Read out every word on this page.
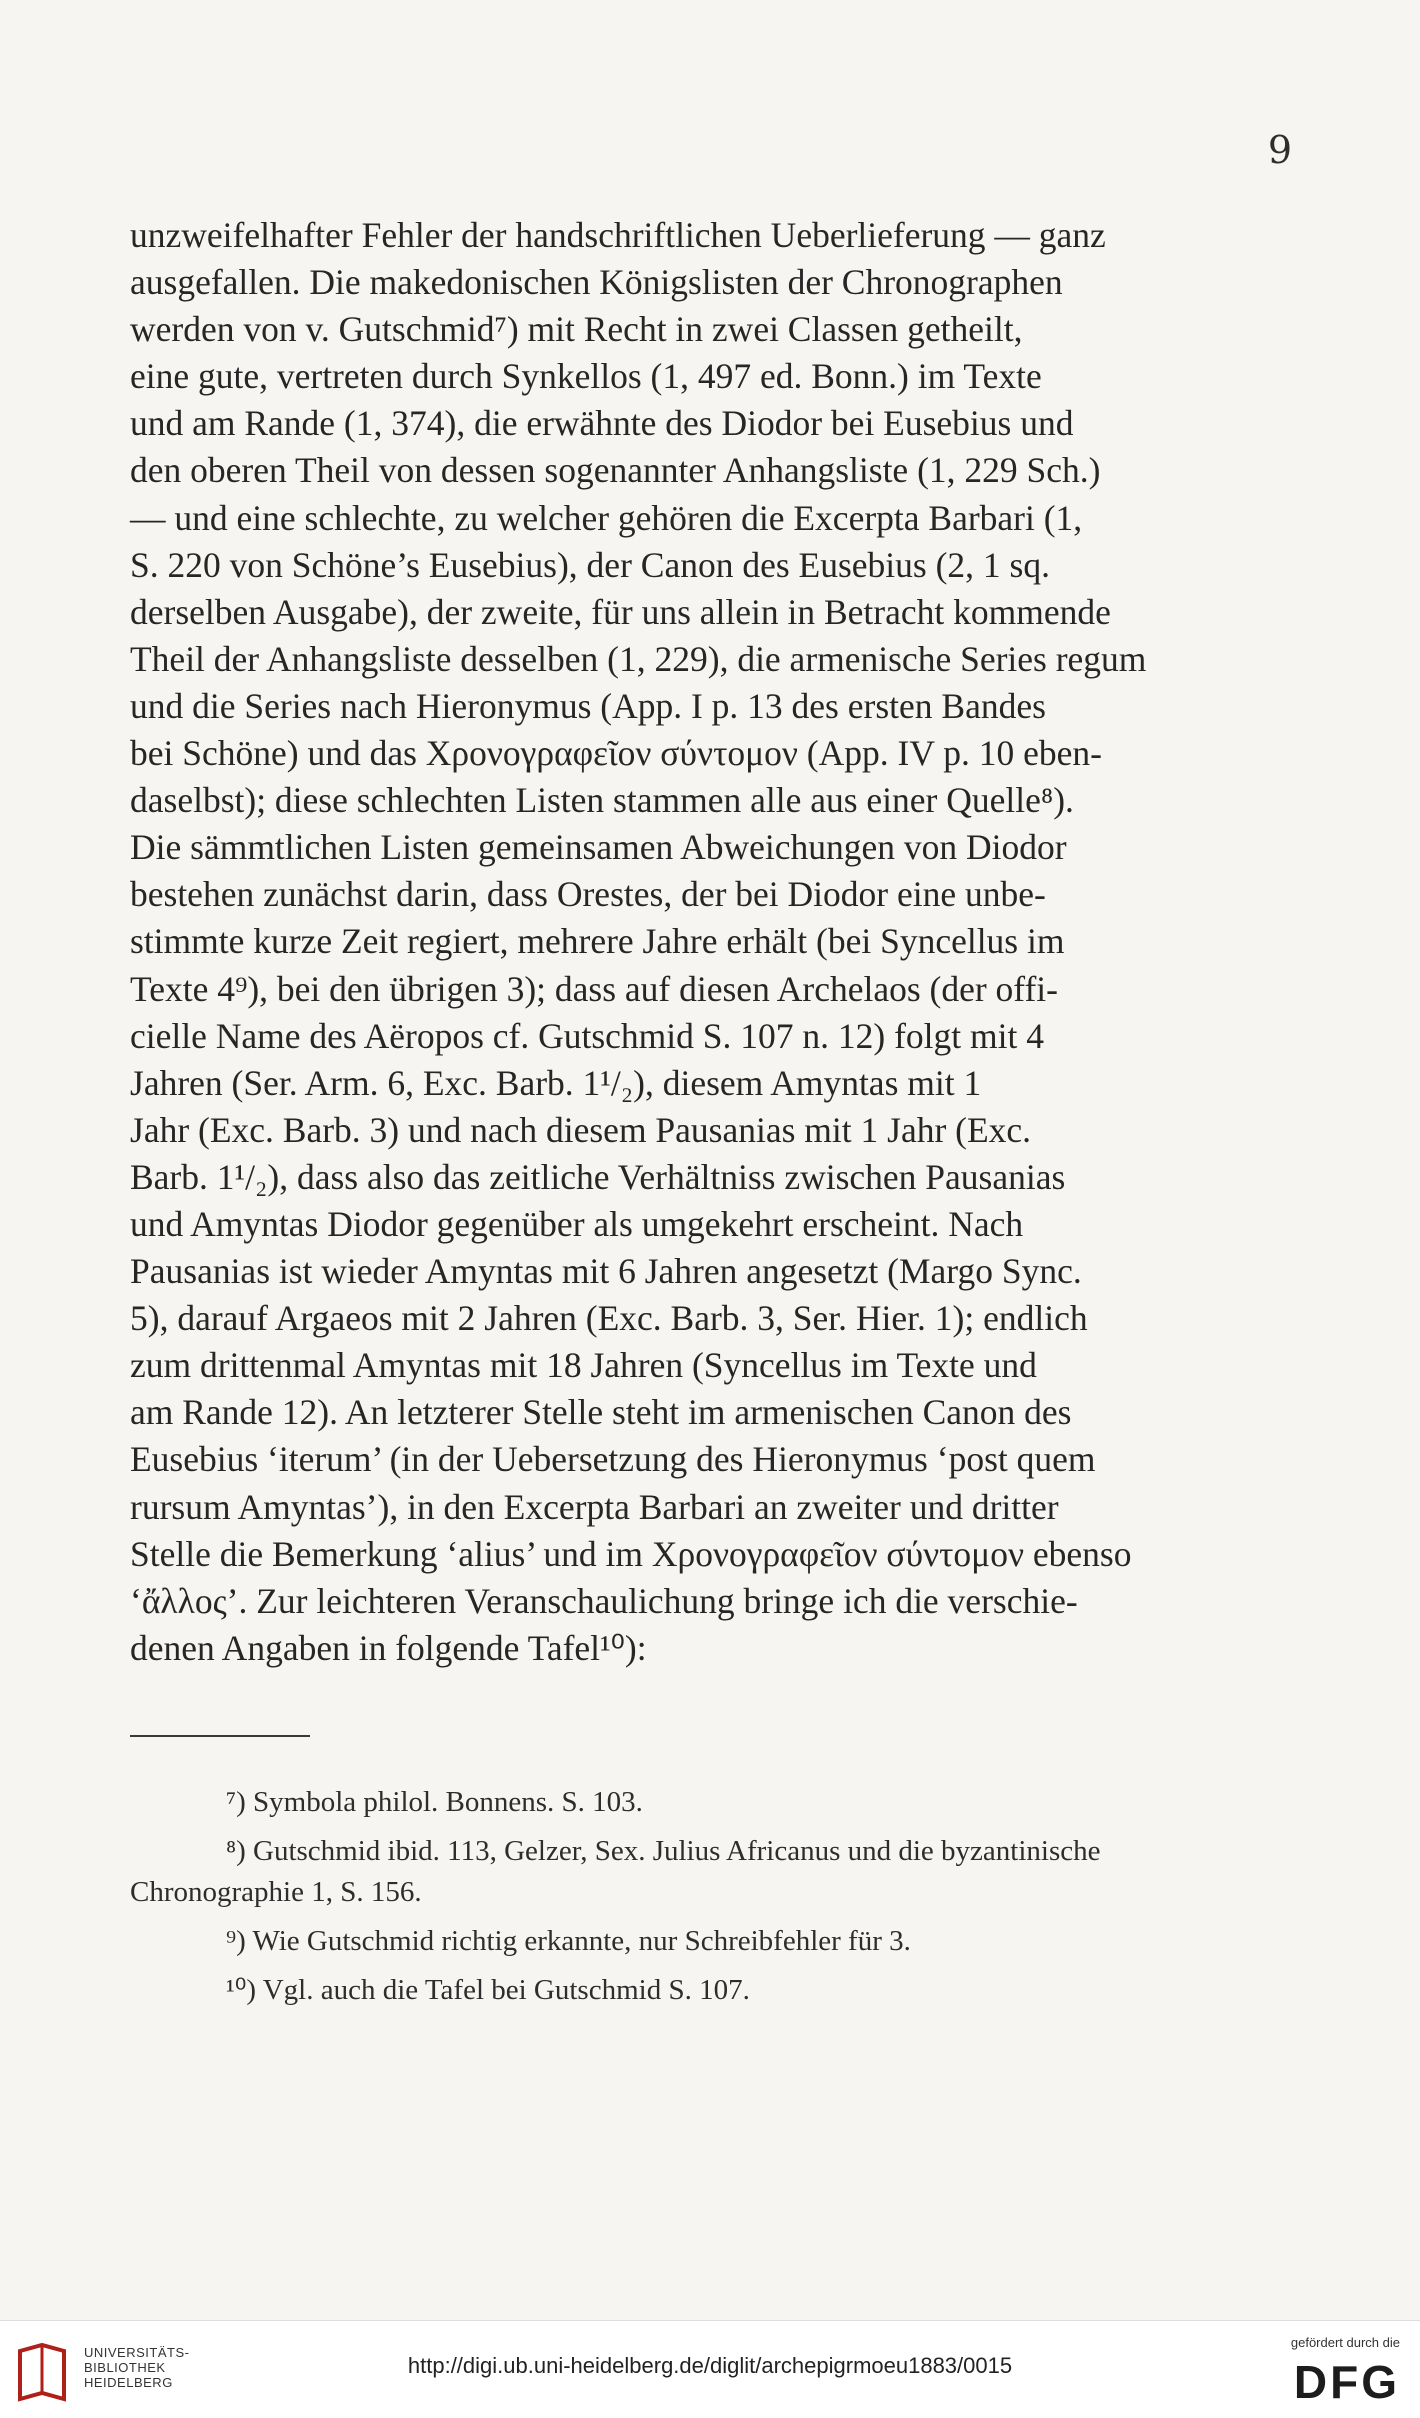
9
unzweifelhafter Fehler der handschriftlichen Ueberlieferung — ganz
ausgefallen. Die makedonischen Königslisten der Chronographen
werden von v. Gutschmid⁷) mit Recht in zwei Classen getheilt,
eine gute, vertreten durch Synkellos (1, 497 ed. Bonn.) im Texte
und am Rande (1, 374), die erwähnte des Diodor bei Eusebius und
den oberen Theil von dessen sogenannter Anhangsliste (1, 229 Sch.)
— und eine schlechte, zu welcher gehören die Excerpta Barbari (1,
S. 220 von Schöne’s Eusebius), der Canon des Eusebius (2, 1 sq.
derselben Ausgabe), der zweite, für uns allein in Betracht kommende
Theil der Anhangsliste desselben (1, 229), die armenische Series regum
und die Series nach Hieronymus (App. I p. 13 des ersten Bandes
bei Schöne) und das Χρονογραφεῖον σύντομον (App. IV p. 10 eben-
daselbst); diese schlechten Listen stammen alle aus einer Quelle⁸).
Die sämmtlichen Listen gemeinsamen Abweichungen von Diodor
bestehen zunächst darin, dass Orestes, der bei Diodor eine unbe-
stimmte kurze Zeit regiert, mehrere Jahre erhält (bei Syncellus im
Texte 4⁹), bei den übrigen 3); dass auf diesen Archelaos (der offi-
cielle Name des Aëropos cf. Gutschmid S. 107 n. 12) folgt mit 4
Jahren (Ser. Arm. 6, Exc. Barb. 1¹/₂), diesem Amyntas mit 1
Jahr (Exc. Barb. 3) und nach diesem Pausanias mit 1 Jahr (Exc.
Barb. 1¹/₂), dass also das zeitliche Verhältniss zwischen Pausanias
und Amyntas Diodor gegenüber als umgekehrt erscheint. Nach
Pausanias ist wieder Amyntas mit 6 Jahren angesetzt (Margo Sync.
5), darauf Argaeos mit 2 Jahren (Exc. Barb. 3, Ser. Hier. 1); endlich
zum drittenmal Amyntas mit 18 Jahren (Syncellus im Texte und
am Rande 12). An letzterer Stelle steht im armenischen Canon des
Eusebius ‘iterum’ (in der Uebersetzung des Hieronymus ‘post quem
rursum Amyntas’), in den Excerpta Barbari an zweiter und dritter
Stelle die Bemerkung ‘alius’ und im Χρονογραφεῖον σύντομον ebenso
‘ἄλλος’. Zur leichteren Veranschaulichung bringe ich die verschie-
denen Angaben in folgende Tafel¹⁰):
⁷) Symbola philol. Bonnens. S. 103.
⁸) Gutschmid ibid. 113, Gelzer, Sex. Julius Africanus und die byzantinische
Chronographie 1, S. 156.
⁹) Wie Gutschmid richtig erkannte, nur Schreibfehler für 3.
¹⁰) Vgl. auch die Tafel bei Gutschmid S. 107.
UNIVERSITÄTS-
BIBLIOTHEK
HEIDELBERG
http://digi.ub.uni-heidelberg.de/diglit/archepigrmoeu1883/0015
gefördert durch die
DFG
